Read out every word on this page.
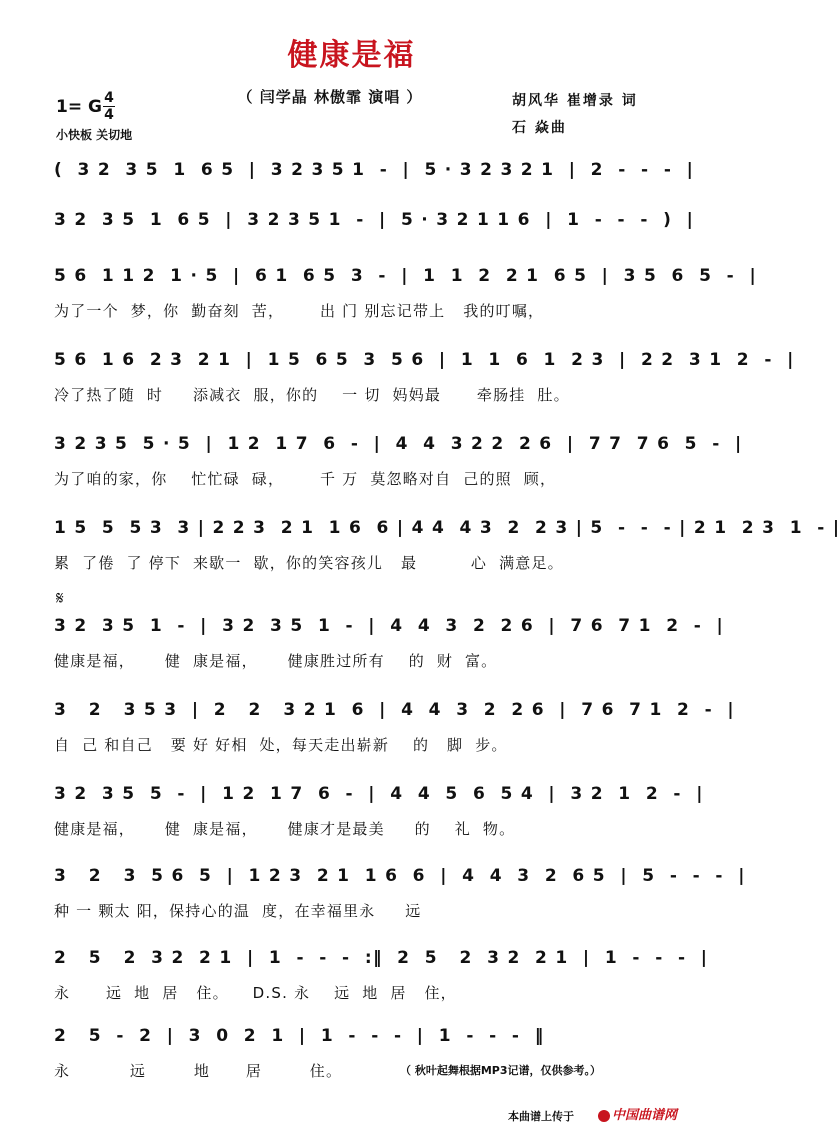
健康是福
（ 闫学晶 林傲霏 演唱 ）	胡风华 崔增录 词
石 焱曲
1= G 4
4
小快板 关切地
(  3 2  3 5  1  6 5  |  3 2 3 5 1  -  |  5 · 3 2 3 2 1  |  2  -  -  -  |
3 2  3 5  1  6 5  |  3 2 3 5 1  -  |  5 · 3 2 1 1 6  |  1  -  -  -  )  |
5 6  1 1 2  1 · 5  |  6 1  6 5  3  -  |  1  1  2  2 1  6 5  |  3 5  6  5  -  |
为了一个  梦，你  勤奋刻  苦，      出 门 别忘记带上   我的叮嘱，
5 6  1 6  2 3  2 1  |  1 5  6 5  3  5 6  |  1  1  6  1  2 3  |  2 2  3 1  2  -  |
冷了热了随  时     添减衣  服，你的    一 切  妈妈最      牵肠挂  肚。
3 2 3 5  5 · 5  |  1 2  1 7  6  -  |  4  4  3 2 2  2 6  |  7 7  7 6  5  -  |
为了咱的家，你    忙忙碌  碌，      千 万  莫忽略对自  己的照  顾，
1 5  5  5 3  3 | 2 2 3  2 1  1 6  6 | 4 4  4 3  2  2 3 | 5  -  -  - | 2 1  2 3  1  - |
累  了倦  了 停下  来歇一  歇，你的笑容孩儿   最         心  满意足。
𝄋
3 2  3 5  1  -  |  3 2  3 5  1  -  |  4  4  3  2  2 6  |  7 6  7 1  2  -  |
健康是福，     健  康是福，     健康胜过所有    的  财  富。
3   2   3 5 3  |  2   2   3 2 1  6  |  4  4  3  2  2 6  |  7 6  7 1  2  -  |
自  己 和自己   要 好 好相  处，每天走出崭新    的   脚  步。
3 2  3 5  5  -  |  1 2  1 7  6  -  |  4  4  5  6  5 4  |  3 2  1  2  -  |
健康是福，     健  康是福，     健康才是最美     的    礼  物。
3   2   3  5 6  5  |  1 2 3  2 1  1 6  6  |  4  4  3  2  6 5  |  5  -  -  -  |
种 一 颗太 阳，保持心的温  度，在幸福里永     远
2   5   2  3 2  2 1  |  1  -  -  -  :‖  2  5   2  3 2  2 1  |  1  -  -  -  |
永      远  地  居   住。    D.S. 永    远  地  居   住，
2   5  -  2  |  3  0  2  1  |  1  -  -  -  |  1  -  -  -  ‖
永          远        地      居        住。	（ 秋叶起舞根据MP3记谱，仅供参考。）
本曲谱上传于	中国曲谱网
